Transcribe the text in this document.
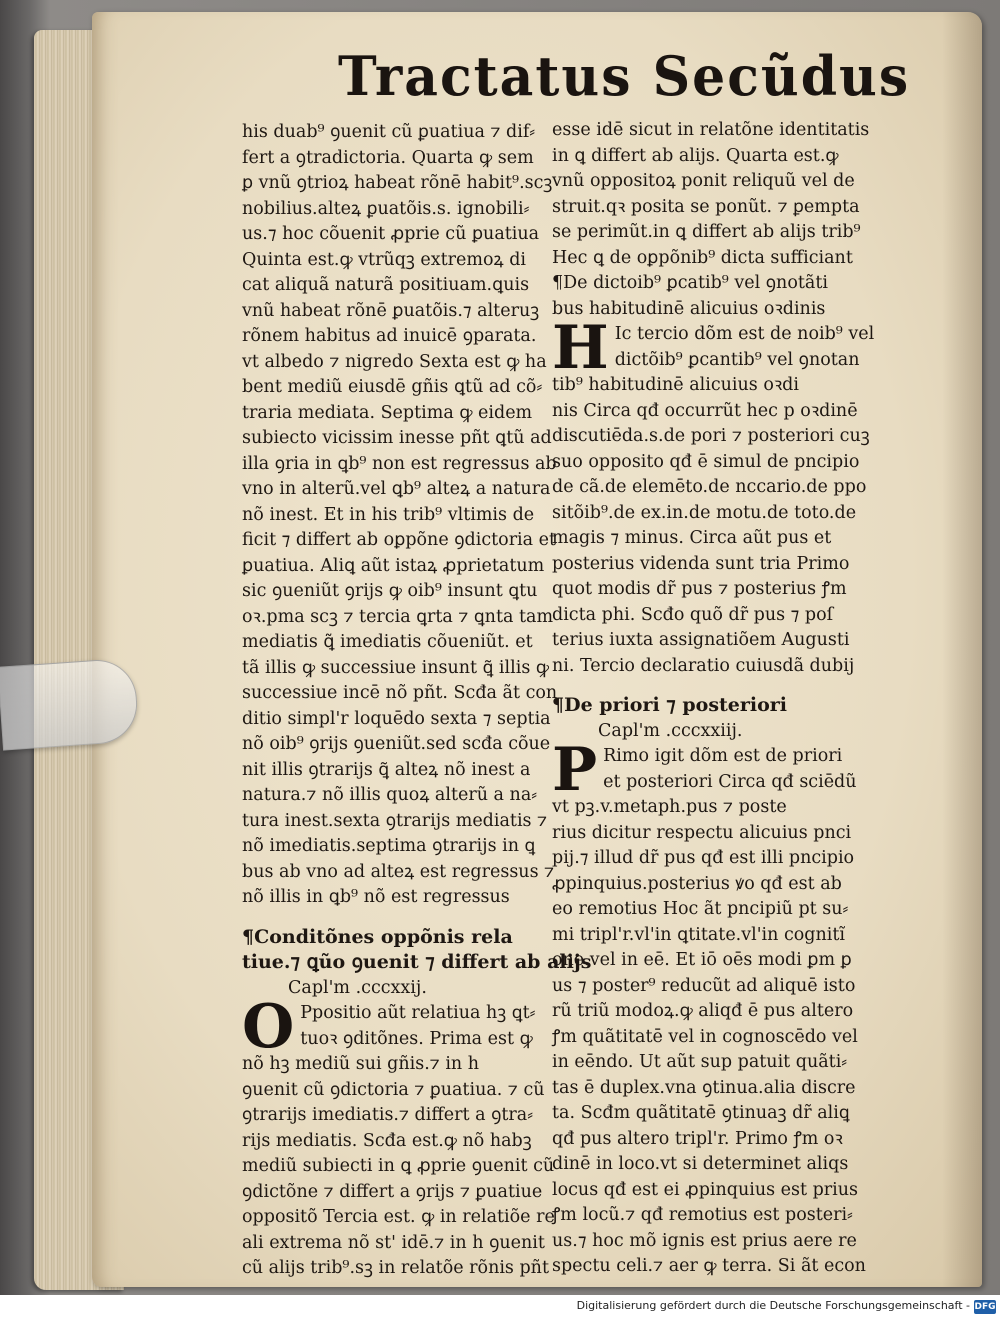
Tractatus Secũdus
his duab⁹ ꝯuenit cũ ꝑuatiua ⁊ dif⸗
fert a ꝯtradictoria. Quarta ꝙ sem
ꝑ vnũ ꝯtrioꝝ habeat rõnē habit⁹.scꝫ
nobilius.alteꝝ ꝑuatõis.s. ignobili⸗
us.⁊ hoc cõuenit ꝓprie cũ ꝑuatiua
Quinta est.ꝙ vtrũqꝫ extremoꝝ di
cat aliquã naturã positiuam.ꝗuis
vnũ habeat rõnē ꝑuatõis.⁊ alteruꝫ
rõnem habitus ad inuicē ꝯparata.
vt albedo ⁊ nigredo Sexta est ꝙ ha
bent mediũ eiusdē gñis ꝗtũ ad cõ⸗
traria mediata. Septima ꝙ eidem
subiecto vicissim inesse pñt ꝗtũ ad
illa ꝯria in ꝗb⁹ non est regressus ab
vno in alterũ.vel ꝗb⁹ alteꝝ a natura
nõ inest. Et in his trib⁹ vltimis de
ficit ⁊ differt ab oꝑpõne ꝯdictoria et
ꝑuatiua. Aliꝗ aũt istaꝝ ꝓprietatum
sic ꝯueniũt ꝯrijs ꝙ oib⁹ insunt ꝗtu
oꝛ.pma scꝫ ⁊ tercia ꝗrta ⁊ ꝗnta tam
mediatis ꝗ̃ imediatis cõueniũt. et
tã illis ꝙ successiue insunt ꝗ̃ illis ꝙ
successiue incē nõ pñt. Scđa ãt con
ditio simpl'r loquēdo sexta ⁊ septia
nõ oib⁹ ꝯrijs ꝯueniũt.sed scđa cõue
nit illis ꝯtrarijs ꝗ̃ alteꝝ nõ inest a
natura.⁊ nõ illis quoꝝ alterũ a na⸗
tura inest.sexta ꝯtrarijs mediatis ⁊
nõ imediatis.septima ꝯtrarijs in ꝗ
bus ab vno ad alteꝝ est regressus ⁊
nõ illis in ꝗb⁹ nõ est regressus
¶Conditõnes oppõnis rela
tiue.⁊ ꝗũo ꝯuenit ⁊ differt ab alijs
Capl'm .cccxxij.
O Ppositio aũt relatiua hꝫ ꝗt⸗
tuoꝛ ꝯditõnes. Prima est ꝙ
nõ hꝫ mediũ sui gñis.⁊ in h
ꝯuenit cũ ꝯdictoria ⁊ ꝑuatiua. ⁊ cũ
ꝯtrarijs imediatis.⁊ differt a ꝯtra⸗
rijs mediatis. Scđa est.ꝙ nõ habꝫ
mediũ subiecti in ꝗ ꝓprie ꝯuenit cũ
ꝯdictõne ⁊ differt a ꝯrijs ⁊ ꝑuatiue
oppositõ Tercia est. ꝙ in relatiõe re
ali extrema nõ st' idē.⁊ in h ꝯuenit
cũ alijs trib⁹.sꝫ in relatõe rõnis pñt
esse idē sicut in relatõne identitatis
in ꝗ differt ab alijs. Quarta est.ꝙ
vnũ oppositoꝝ ponit reliquũ vel de
struit.qꝛ posita se ponũt. ⁊ ꝑempta
se perimũt.in ꝗ differt ab alijs trib⁹
Hec ꝗ de oꝑpõnib⁹ dicta sufficiant
¶De dictoib⁹ ꝑcatib⁹ vel ꝯnotãti
bus habitudinē alicuius oꝛdinis
H Ic tercio dõm est de noib⁹ vel
dictõib⁹ ꝑcantib⁹ vel ꝯnotan
tib⁹ habitudinē alicuius oꝛdi
nis Circa qđ occurrũt hec p oꝛdinē
discutiēda.s.de pori ⁊ posteriori cuꝫ
suo opposito qđ ē simul de pncipio
de cã.de elemēto.de nccario.de ppo
sitõib⁹.de ex.in.de motu.de toto.de
magis ⁊ minus. Circa aũt pus et
posterius videnda sunt tria Primo
quot modis dr̃ pus ⁊ posterius ꝭm
dicta phi. Scđo quõ dr̃ pus ⁊ poſ
terius iuxta assignatiõem Augusti
ni. Tercio declaratio cuiusdã dubij
¶De priori ⁊ posteriori
Capl'm .cccxxiij.
P Rimo igit dõm est de priori
et posteriori Circa qđ sciēdũ
vt pꝫ.v.metaph.pus ⁊ poste
rius dicitur respectu alicuius pnci
pij.⁊ illud dr̃ pus qđ est illi pncipio
ꝓpinquius.posterius ꝟo qđ est ab
eo remotius Hoc ãt pncipiũ pt su⸗
mi tripl'r.vl'in ꝗtitate.vl'in cognitĩ
one.vel in eē. Et iō oēs modi ꝑm ꝑ
us ⁊ poster⁹ reducũt ad aliquē isto
rũ triũ modoꝝ.ꝙ aliqđ ē pus altero
ꝭm quãtitatē vel in cognoscēdo vel
in eēndo. Ut aũt sup patuit quãti⸗
tas ē duplex.vna ꝯtinua.alia discre
ta. Scđm quãtitatē ꝯtinuaꝫ dr̃ aliꝗ
qđ pus altero tripl'r. Primo ꝭm oꝛ
dinē in loco.vt si determinet aliqs
locus qđ est ei ꝓpinquius est prius
ꝭm locũ.⁊ qđ remotius est posteri⸗
us.⁊ hoc mõ ignis est prius aere re
spectu celi.⁊ aer ꝙ terra. Si ãt econ
Digitalisierung gefördert durch die Deutsche Forschungsgemeinschaft - DFG
